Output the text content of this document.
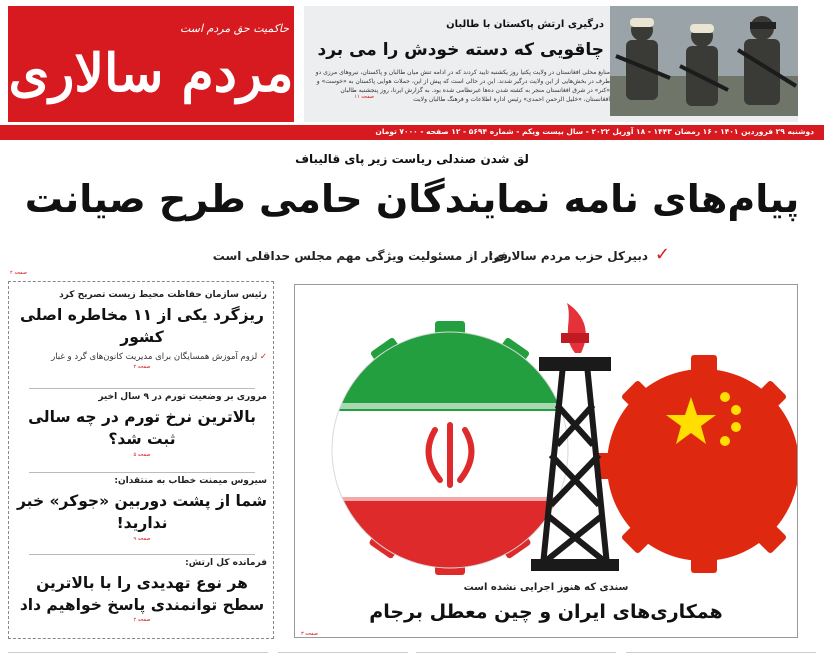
حاکمیت حق مردم است
مردم سالاری
درگیری ارتش پاکستان با طالبان
چاقویی که دسته خودش را می برد
منابع محلی افغانستان در ولایت پکتیا روز یکشنبه تایید کردند که در ادامه تنش میان طالبان و پاکستان، نیروهای مرزی دو طرف در بخش‌هایی از این ولایت درگیر شدند. این در حالی است که پیش از این، حملات هوایی پاکستان به «خوست» و «کنر» در شرق افغانستان منجر به کشته شدن ده‌ها غیرنظامی شده بود. به گزارش ایرنا، روز پنجشنبه طالبان افغانستان، «خلیل‌ الرحمن احمدی» رئیس اداره اطلاعات و فرهنگ طالبان ولایت
صفحه ۱۱
دوشنبه ۲۹ فروردین ۱۴۰۱ - ۱۶ رمضان ۱۴۴۳ - ۱۸ آوریل ۲۰۲۲ - سال بیست ویکم - شماره ۵۶۹۴ - ۱۲ صفحه - ۷۰۰۰ تومان
لق شدن صندلی ریاست زیر پای قالیباف
پیام‌های نامه نمایندگان حامی طرح صیانت
✓
دبیرکل حزب مردم سالاری:
فرار از مسئولیت ویژگی مهم مجلس حداقلی است
صفحه ۲
رئیس سازمان حفاظت محیط زیست تصریح کرد
ریزگرد یکی از ۱۱ مخاطره اصلی کشور
✓ لزوم آموزش همسایگان برای مدیریت کانون‌های گرد و غبار
صفحه ۲
مروری بر وضعیت تورم در ۹ سال اخیر
بالاترین نرخ تورم در چه سالی ثبت شد؟
صفحه ۵
سیروس میمنت خطاب به منتقدان:
شما از پشت دوربین «جوکر» خبر ندارید!
صفحه ۹
فرمانده کل ارتش:
هر نوع تهدیدی را با بالاترین سطح توانمندی پاسخ خواهیم داد
صفحه ۲
سندی که هنوز اجرایی نشده است
همکاری‌های ایران و چین معطل برجام
صفحه ۳
